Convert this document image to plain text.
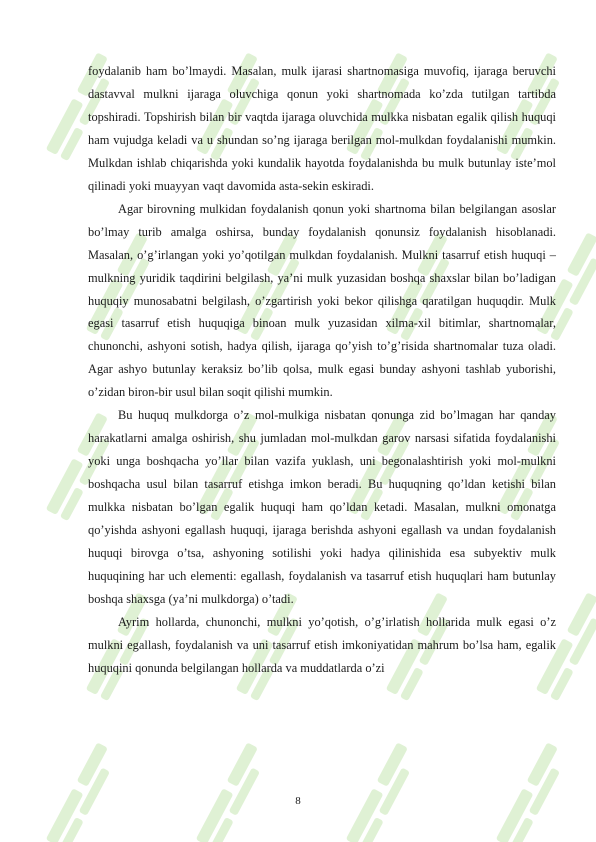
foydalanib ham bo’lmaydi. Masalan, mulk ijarasi shartnomasiga muvofiq, ijaraga beruvchi dastavval mulkni ijaraga oluvchiga qonun yoki shartnomada ko’zda tutilgan tartibda topshiradi. Topshirish bilan bir vaqtda ijaraga oluvchida mulkka nisbatan egalik qilish huquqi ham vujudga keladi va u shundan so’ng ijaraga berilgan mol-mulkdan foydalanishi mumkin. Mulkdan ishlab chiqarishda yoki kundalik hayotda foydalanishda bu mulk butunlay iste’mol qilinadi yoki muayyan vaqt davomida asta-sekin eskiradi.

Agar birovning mulkidan foydalanish qonun yoki shartnoma bilan belgilangan asoslar bo’lmay turib amalga oshirsa, bunday foydalanish qonunsiz foydalanish hisoblanadi. Masalan, o’g’irlangan yoki yo’qotilgan mulkdan foydalanish. Mulkni tasarruf etish huquqi – mulkning yuridik taqdirini belgilash, ya’ni mulk yuzasidan boshqa shaxslar bilan bo’ladigan huquqiy munosabatni belgilash, o’zgartirish yoki bekor qilishga qaratilgan huquqdir. Mulk egasi tasarruf etish huquqiga binoan mulk yuzasidan xilma-xil bitimlar, shartnomalar, chunonchi, ashyoni sotish, hadya qilish, ijaraga qo’yish to’g’risida shartnomalar tuza oladi. Agar ashyo butunlay keraksiz bo’lib qolsa, mulk egasi bunday ashyoni tashlab yuborishi, o’zidan biron-bir usul bilan soqit qilishi mumkin.

Bu huquq mulkdorga o’z mol-mulkiga nisbatan qonunga zid bo’lmagan har qanday harakatlarni amalga oshirish, shu jumladan mol-mulkdan garov narsasi sifatida foydalanishi yoki unga boshqacha yo’llar bilan vazifa yuklash, uni begonalashtirish yoki mol-mulkni boshqacha usul bilan tasarruf etishga imkon beradi. Bu huquqning qo’ldan ketishi bilan mulkka nisbatan bo’lgan egalik huquqi ham qo’ldan ketadi. Masalan, mulkni omonatga qo’yishda ashyoni egallash huquqi, ijaraga berishda ashyoni egallash va undan foydalanish huquqi birovga o’tsa, ashyoning sotilishi yoki hadya qilinishida esa subyektiv mulk huquqining har uch elementi: egallash, foydalanish va tasarruf etish huquqlari ham butunlay boshqa shaxsga (ya’ni mulkdorga) o’tadi.

Ayrim hollarda, chunonchi, mulkni yo’qotish, o’g’irlatish hollarida mulk egasi o’z mulkni egallash, foydalanish va uni tasarruf etish imkoniyatidan mahrum bo’lsa ham, egalik huquqini qonunda belgilangan hollarda va muddatlarda o’zi

8
